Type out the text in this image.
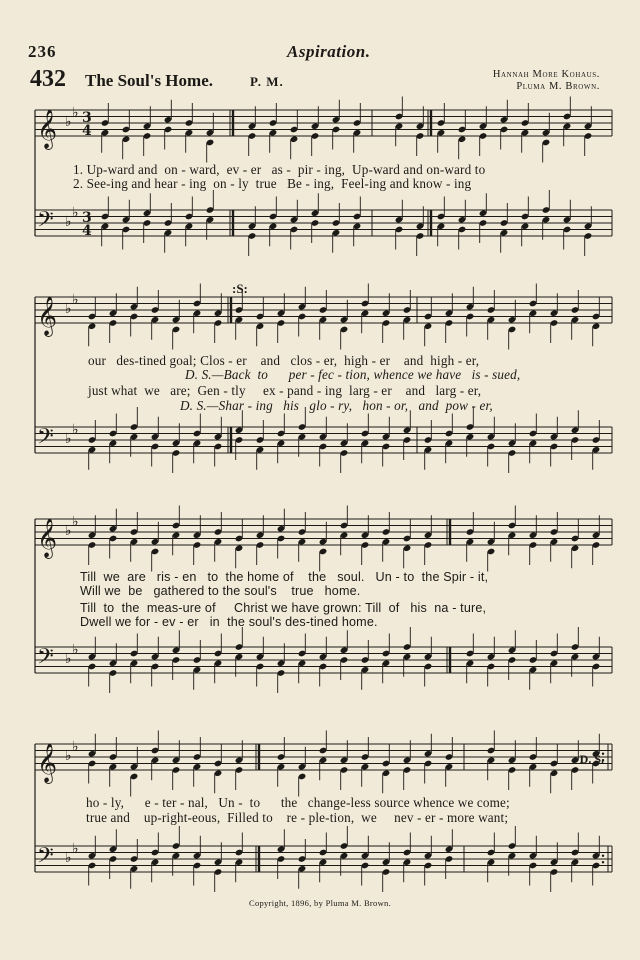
𝄞 ♭
♭
𝄢 ♭
♭
3
4
3
4
𝄞 ♭
♭
𝄢 ♭
♭
𝄞 ♭
♭
𝄢 ♭
♭
𝄞 ♭
♭
𝄢 ♭
♭
236	Aspiration.
432 The Soul's Home.	P. M.	Hannah More Kohaus.
Pluma M. Brown.
1. Up-ward and  on - ward,  ev - er   as -  pir - ing,  Up-ward and on-ward to
2. See-ing and hear - ing  on - ly  true   Be - ing,  Feel-ing and know - ing
our   des-tined goal; Clos - er    and   clos - er,  high - er    and  high - er,
D. S.—Back  to      per - fec - tion, whence we have   is - sued,
just what  we   are;  Gen - tly     ex - pand - ing  larg - er    and   larg - er,
D. S.—Shar - ing   his   glo - ry,   hon - or,   and  pow - er,
Till  we  are   ris - en   to  the home of    the   soul.   Un - to  the Spir - it,
Will we  be   gathered to the soul's    true   home.
Till  to  the  meas-ure of     Christ we have grown: Till  of   his  na - ture,
Dwell we for - ev - er   in  the soul's des-tined home.
ho - ly,      e - ter - nal,   Un -  to      the   change-less source whence we come;
true and    up-right-eous,  Filled to    re - ple-tion,  we     nev - er - more want;
:S:
D. S.
Copyright, 1896, by Pluma M. Brown.
